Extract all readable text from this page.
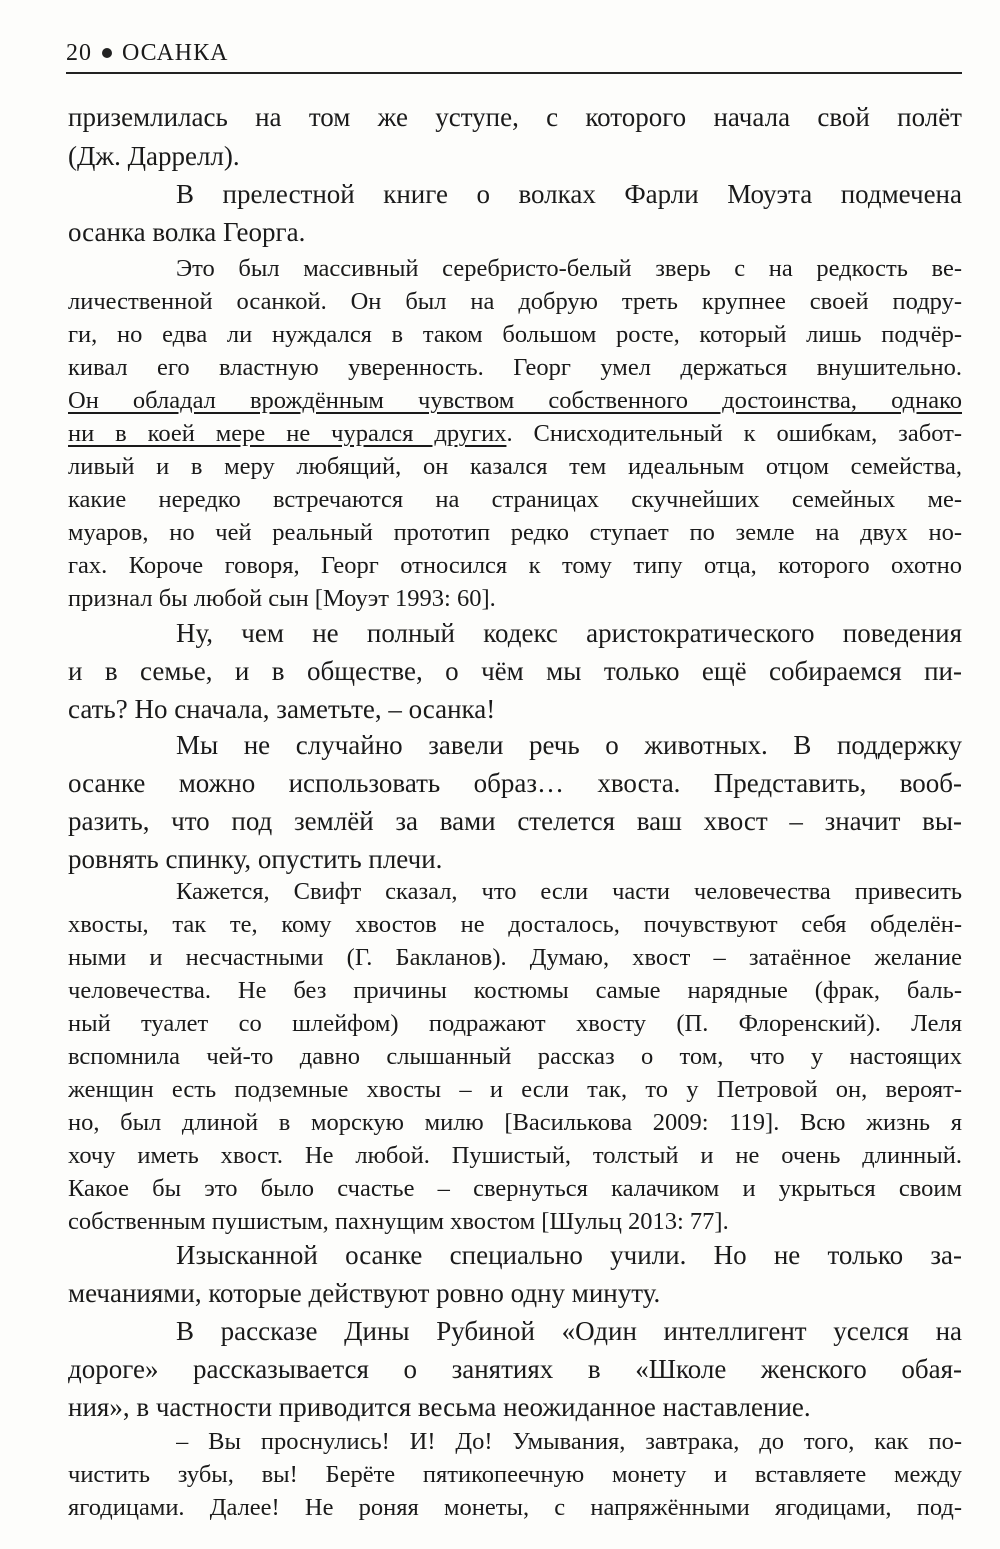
20 ОСАНКА
приземлилась на том же уступе, с которого начала свой полёт
(Дж. Даррелл).
В прелестной книге о волках Фарли Моуэта подмечена
осанка волка Георга.
Это был массивный серебристо-белый зверь с на редкость ве-
личественной осанкой. Он был на добрую треть крупнее своей подру-
ги, но едва ли нуждался в таком большом росте, который лишь подчёр-
кивал его властную уверенность. Георг умел держаться внушительно.
Он обладал врождённым чувством собственного достоинства, однако
ни в коей мере не чурался других. Снисходительный к ошибкам, забот-
ливый и в меру любящий, он казался тем идеальным отцом семейства,
какие нередко встречаются на страницах скучнейших семейных ме-
муаров, но чей реальный прототип редко ступает по земле на двух но-
гах. Короче говоря, Георг относился к тому типу отца, которого охотно
признал бы любой сын [Моуэт 1993: 60].
Ну, чем не полный кодекс аристократического поведения
и в семье, и в обществе, о чём мы только ещё собираемся пи-
сать? Но сначала, заметьте, – осанка!
Мы не случайно завели речь о животных. В поддержку
осанке можно использовать образ… хвоста. Представить, вооб-
разить, что под землёй за вами стелется ваш хвост – значит вы-
ровнять спинку, опустить плечи.
Кажется, Свифт сказал, что если части человечества привесить
хвосты, так те, кому хвостов не досталось, почувствуют себя обделён-
ными и несчастными (Г. Бакланов). Думаю, хвост – затаённое желание
человечества. Не без причины костюмы самые нарядные (фрак, баль-
ный туалет со шлейфом) подражают хвосту (П. Флоренский). Леля
вспомнила чей-то давно слышанный рассказ о том, что у настоящих
женщин есть подземные хвосты – и если так, то у Петровой он, вероят-
но, был длиной в морскую милю [Василькова 2009: 119]. Всю жизнь я
хочу иметь хвост. Не любой. Пушистый, толстый и не очень длинный.
Какое бы это было счастье – свернуться калачиком и укрыться своим
собственным пушистым, пахнущим хвостом [Шульц 2013: 77].
Изысканной осанке специально учили. Но не только за-
мечаниями, которые действуют ровно одну минуту.
В рассказе Дины Рубиной «Один интеллигент уселся на
дороге» рассказывается о занятиях в «Школе женского обая-
ния», в частности приводится весьма неожиданное наставление.
– Вы проснулись! И! До! Умывания, завтрака, до того, как по-
чистить зубы, вы! Берёте пятикопеечную монету и вставляете между
ягодицами. Далее! Не роняя монеты, с напряжёнными ягодицами, под-
